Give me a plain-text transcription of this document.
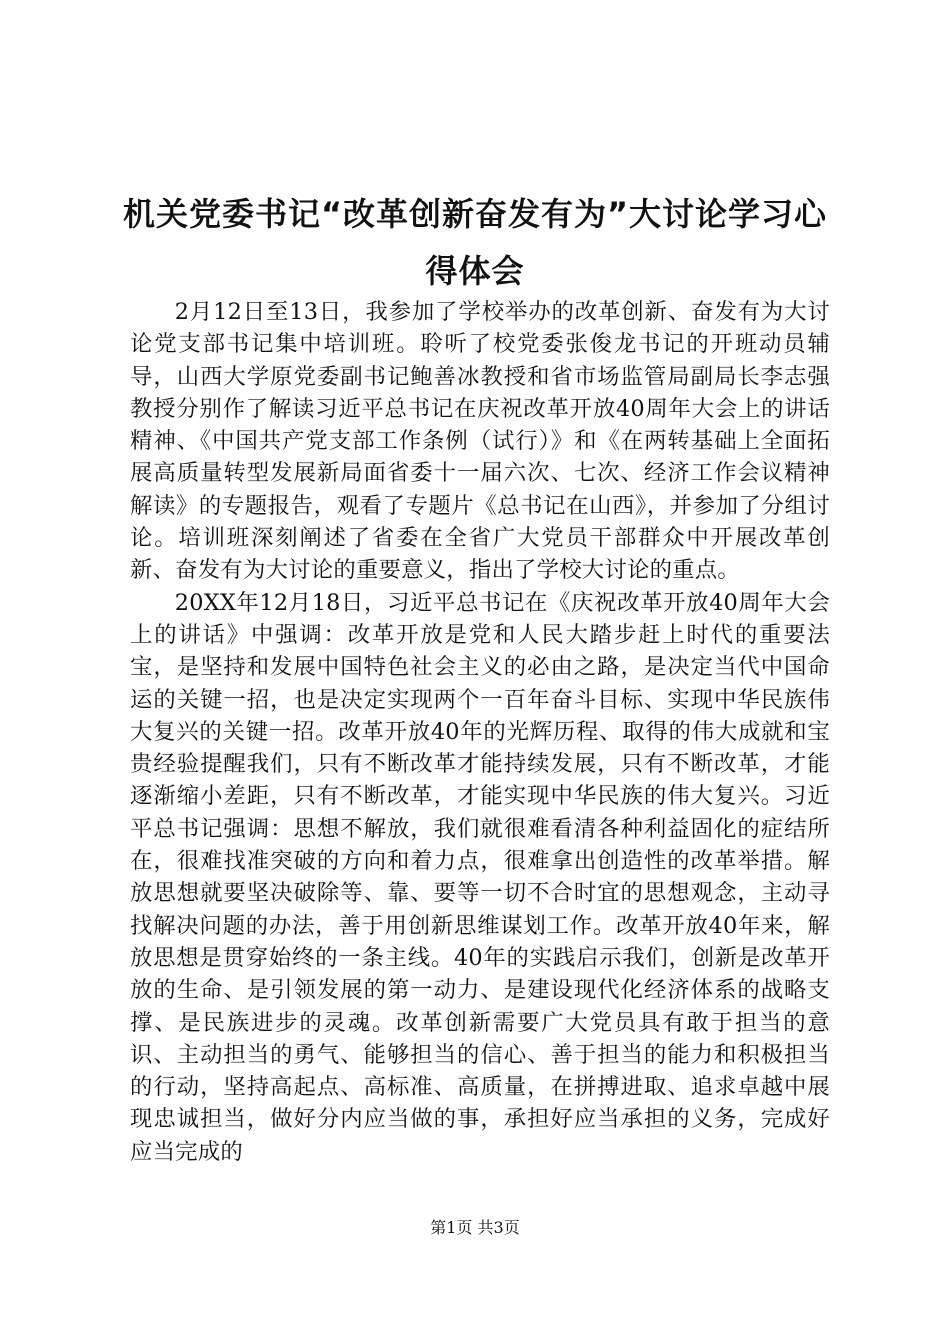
机关党委书记“改革创新奋发有为”大讨论学习心得体会

2月12日至13日，我参加了学校举办的改革创新、奋发有为大讨论党支部书记集中培训班。聆听了校党委张俊龙书记的开班动员辅导，山西大学原党委副书记鲍善冰教授和省市场监管局副局长李志强教授分别作了解读习近平总书记在庆祝改革开放40周年大会上的讲话精神、《中国共产党支部工作条例（试行）》和《在两转基础上全面拓展高质量转型发展新局面省委十一届六次、七次、经济工作会议精神解读》的专题报告，观看了专题片《总书记在山西》，并参加了分组讨论。培训班深刻阐述了省委在全省广大党员干部群众中开展改革创新、奋发有为大讨论的重要意义，指出了学校大讨论的重点。

20XX年12月18日，习近平总书记在《庆祝改革开放40周年大会上的讲话》中强调：改革开放是党和人民大踏步赶上时代的重要法宝，是坚持和发展中国特色社会主义的必由之路，是决定当代中国命运的关键一招，也是决定实现两个一百年奋斗目标、实现中华民族伟大复兴的关键一招。改革开放40年的光辉历程、取得的伟大成就和宝贵经验提醒我们，只有不断改革才能持续发展，只有不断改革，才能逐渐缩小差距，只有不断改革，才能实现中华民族的伟大复兴。习近平总书记强调：思想不解放，我们就很难看清各种利益固化的症结所在，很难找准突破的方向和着力点，很难拿出创造性的改革举措。解放思想就要坚决破除等、靠、要等一切不合时宜的思想观念，主动寻找解决问题的办法，善于用创新思维谋划工作。改革开放40年来，解放思想是贯穿始终的一条主线。40年的实践启示我们，创新是改革开放的生命、是引领发展的第一动力、是建设现代化经济体系的战略支撑、是民族进步的灵魂。改革创新需要广大党员具有敢于担当的意识、主动担当的勇气、能够担当的信心、善于担当的能力和积极担当的行动，坚持高起点、高标准、高质量，在拼搏进取、追求卓越中展现忠诚担当，做好分内应当做的事，承担好应当承担的义务，完成好应当完成的

第1页 共3页
